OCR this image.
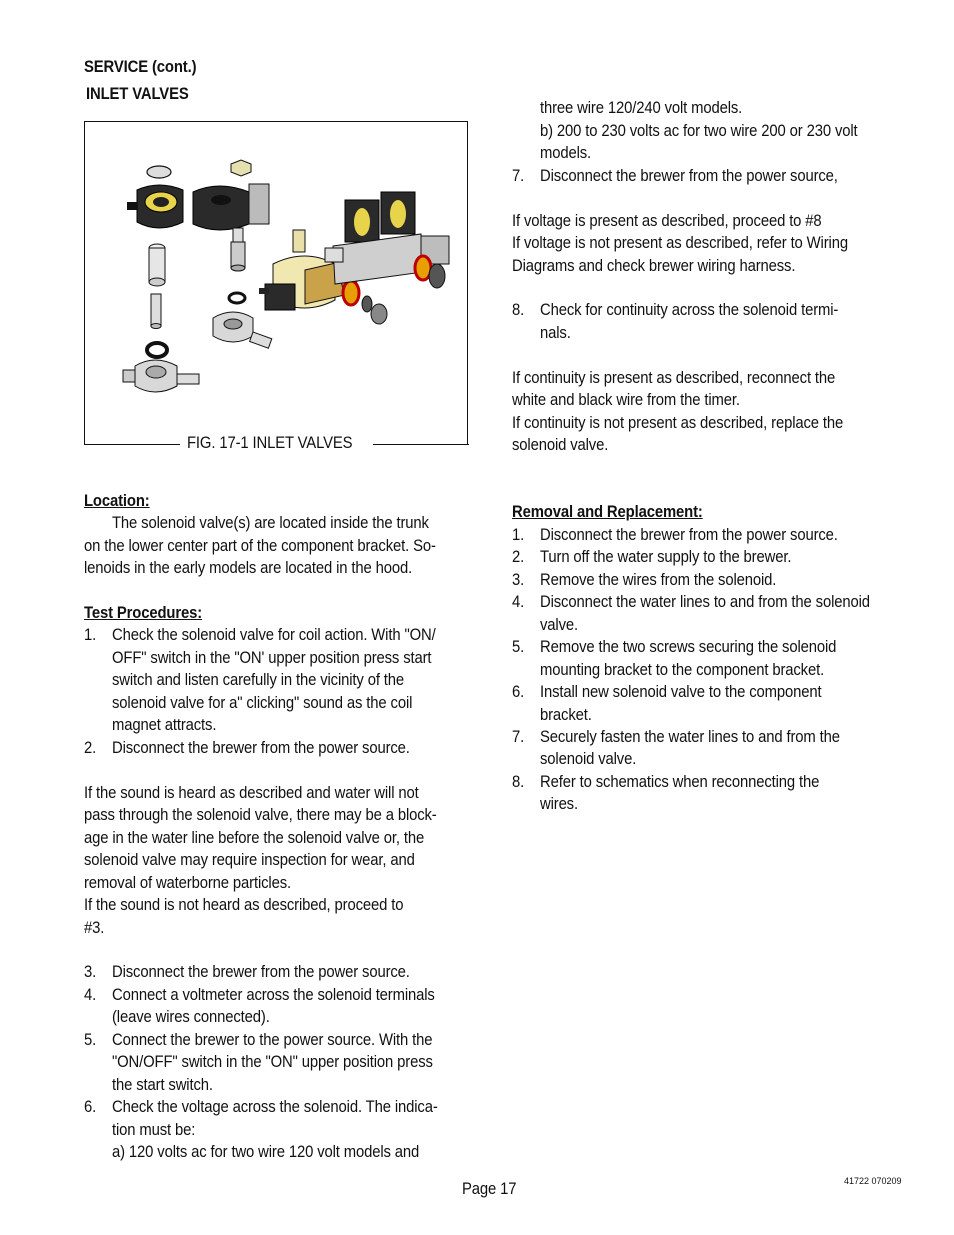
SERVICE (cont.)
INLET VALVES
FIG. 17-1 INLET VALVES
Location:
The solenoid valve(s) are located inside the trunk
on the lower center part of the component bracket. So-
lenoids in the early models are located in the hood.
Test Procedures:
1. Check the solenoid valve for coil action. With "ON/
OFF" switch in the "ON' upper position press start
switch and listen carefully in the vicinity of the
solenoid valve for a" clicking" sound as the coil
magnet attracts.
2. Disconnect the brewer from the power source.
If the sound is heard as described and water will not
pass through the solenoid valve, there may be a block-
age in the water line before the solenoid valve or, the
solenoid valve may require inspection for wear, and
removal of waterborne particles.
If the sound is not heard as described, proceed to
#3.
3. Disconnect the brewer from the power source.
4. Connect a voltmeter across the solenoid terminals
(leave wires connected).
5. Connect the brewer to the power source. With the
"ON/OFF" switch in the "ON" upper position press
the start switch.
6. Check the voltage across the solenoid. The indica-
tion must be:
a) 120 volts ac for two wire 120 volt models and
three wire 120/240 volt models.
b) 200 to 230 volts ac for two wire 200 or 230 volt
models.
7. Disconnect the brewer from the power source,
If voltage is present as described, proceed to #8
If voltage is not present as described, refer to Wiring
Diagrams and check brewer wiring harness.
8. Check for continuity across the solenoid termi-
nals.
If continuity is present as described, reconnect the
white and black wire from the timer.
If continuity is not present as described, replace the
solenoid valve.
Removal and Replacement:
1. Disconnect the brewer from the power source.
2. Turn off the water supply to the brewer.
3. Remove the wires from the solenoid.
4. Disconnect the water lines to and from the solenoid
valve.
5. Remove the two screws securing the solenoid
mounting bracket to the component bracket.
6. Install new solenoid valve to the component
bracket.
7. Securely fasten the water lines to and from the
solenoid valve.
8. Refer to schematics when reconnecting the
wires.
Page 17	41722 070209
